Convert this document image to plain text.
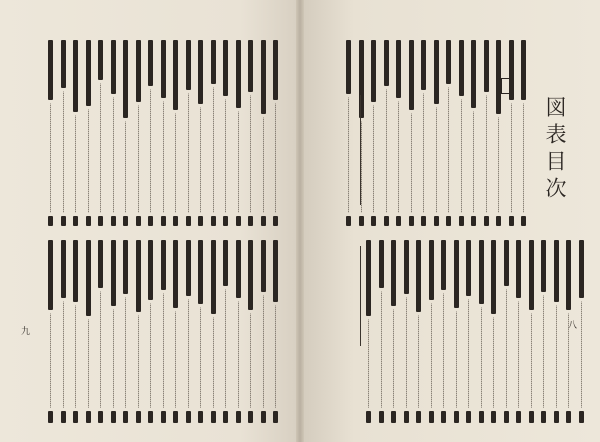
図表目次
九
八
